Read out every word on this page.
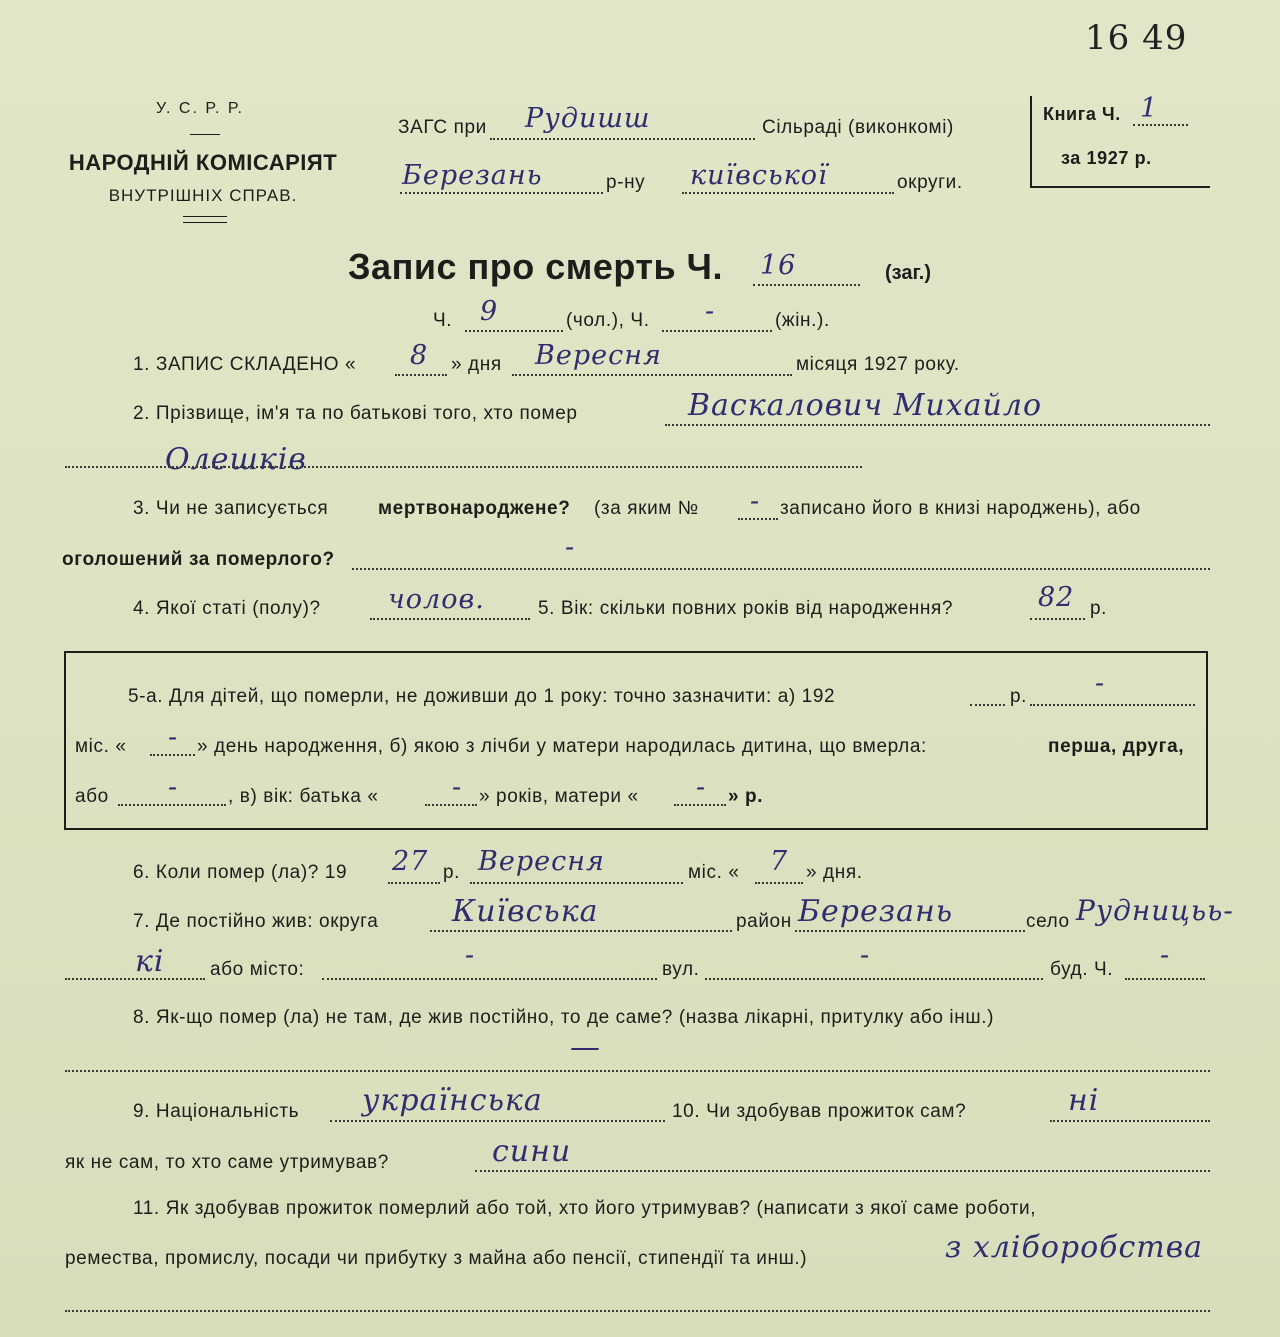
16 49
У. С. Р. Р.
НАРОДНІЙ КОМІСАРІЯТ
ВНУТРІШНІХ СПРАВ.
ЗАГС при Рудишш	Сільраді (виконкомі)
Березань	р-ну київської	округи.
Книга Ч. 1
за 1927 р.
Запис про смерть Ч. 16	(заг.)
Ч. 9	(чол.), Ч. -	(жін.).
1. ЗАПИС СКЛАДЕНО « 8 » дня Вересня	місяця 1927 року.
2. Прізвище, ім'я та по батькові того, хто помер	Васкалович Михайло
Олешків
3. Чи не записується	мертвонароджене? (за яким № - записано його в книзі народжень), або
оголошений за померлого?	-
4. Якої статі (полу)? чолов.	5. Вік: скільки повних років від народження?	82 р.
5-а. Для дітей, що померли, не доживши до 1 року: точно зазначити: а) 192	р.	-
міс. « - » день народження, б) якою з лічби у матери народилась дитина, що вмерла:	перша, друга,
або -	, в) вік: батька «	- » років, матери « - » р.
6. Коли помер (ла)? 19 27 р. Вересня	міс. « 7 » дня.
7. Де постійно жив: округа Київська	район Березань	село Рудницьь-
кі або місто:	-	вул.	-	буд. Ч. -
8. Як-що помер (ла) не там, де жив постійно, то де саме? (назва лікарні, притулку або інш.)
—
9. Національність українська	10. Чи здобував прожиток сам?	ні
як не сам, то хто саме утримував?	сини
11. Як здобував прожиток померлий або той, хто його утримував? (написати з якої саме роботи,
ремества, промислу, посади чи прибутку з майна або пенсії, стипендії та инш.)	з хліборобства
